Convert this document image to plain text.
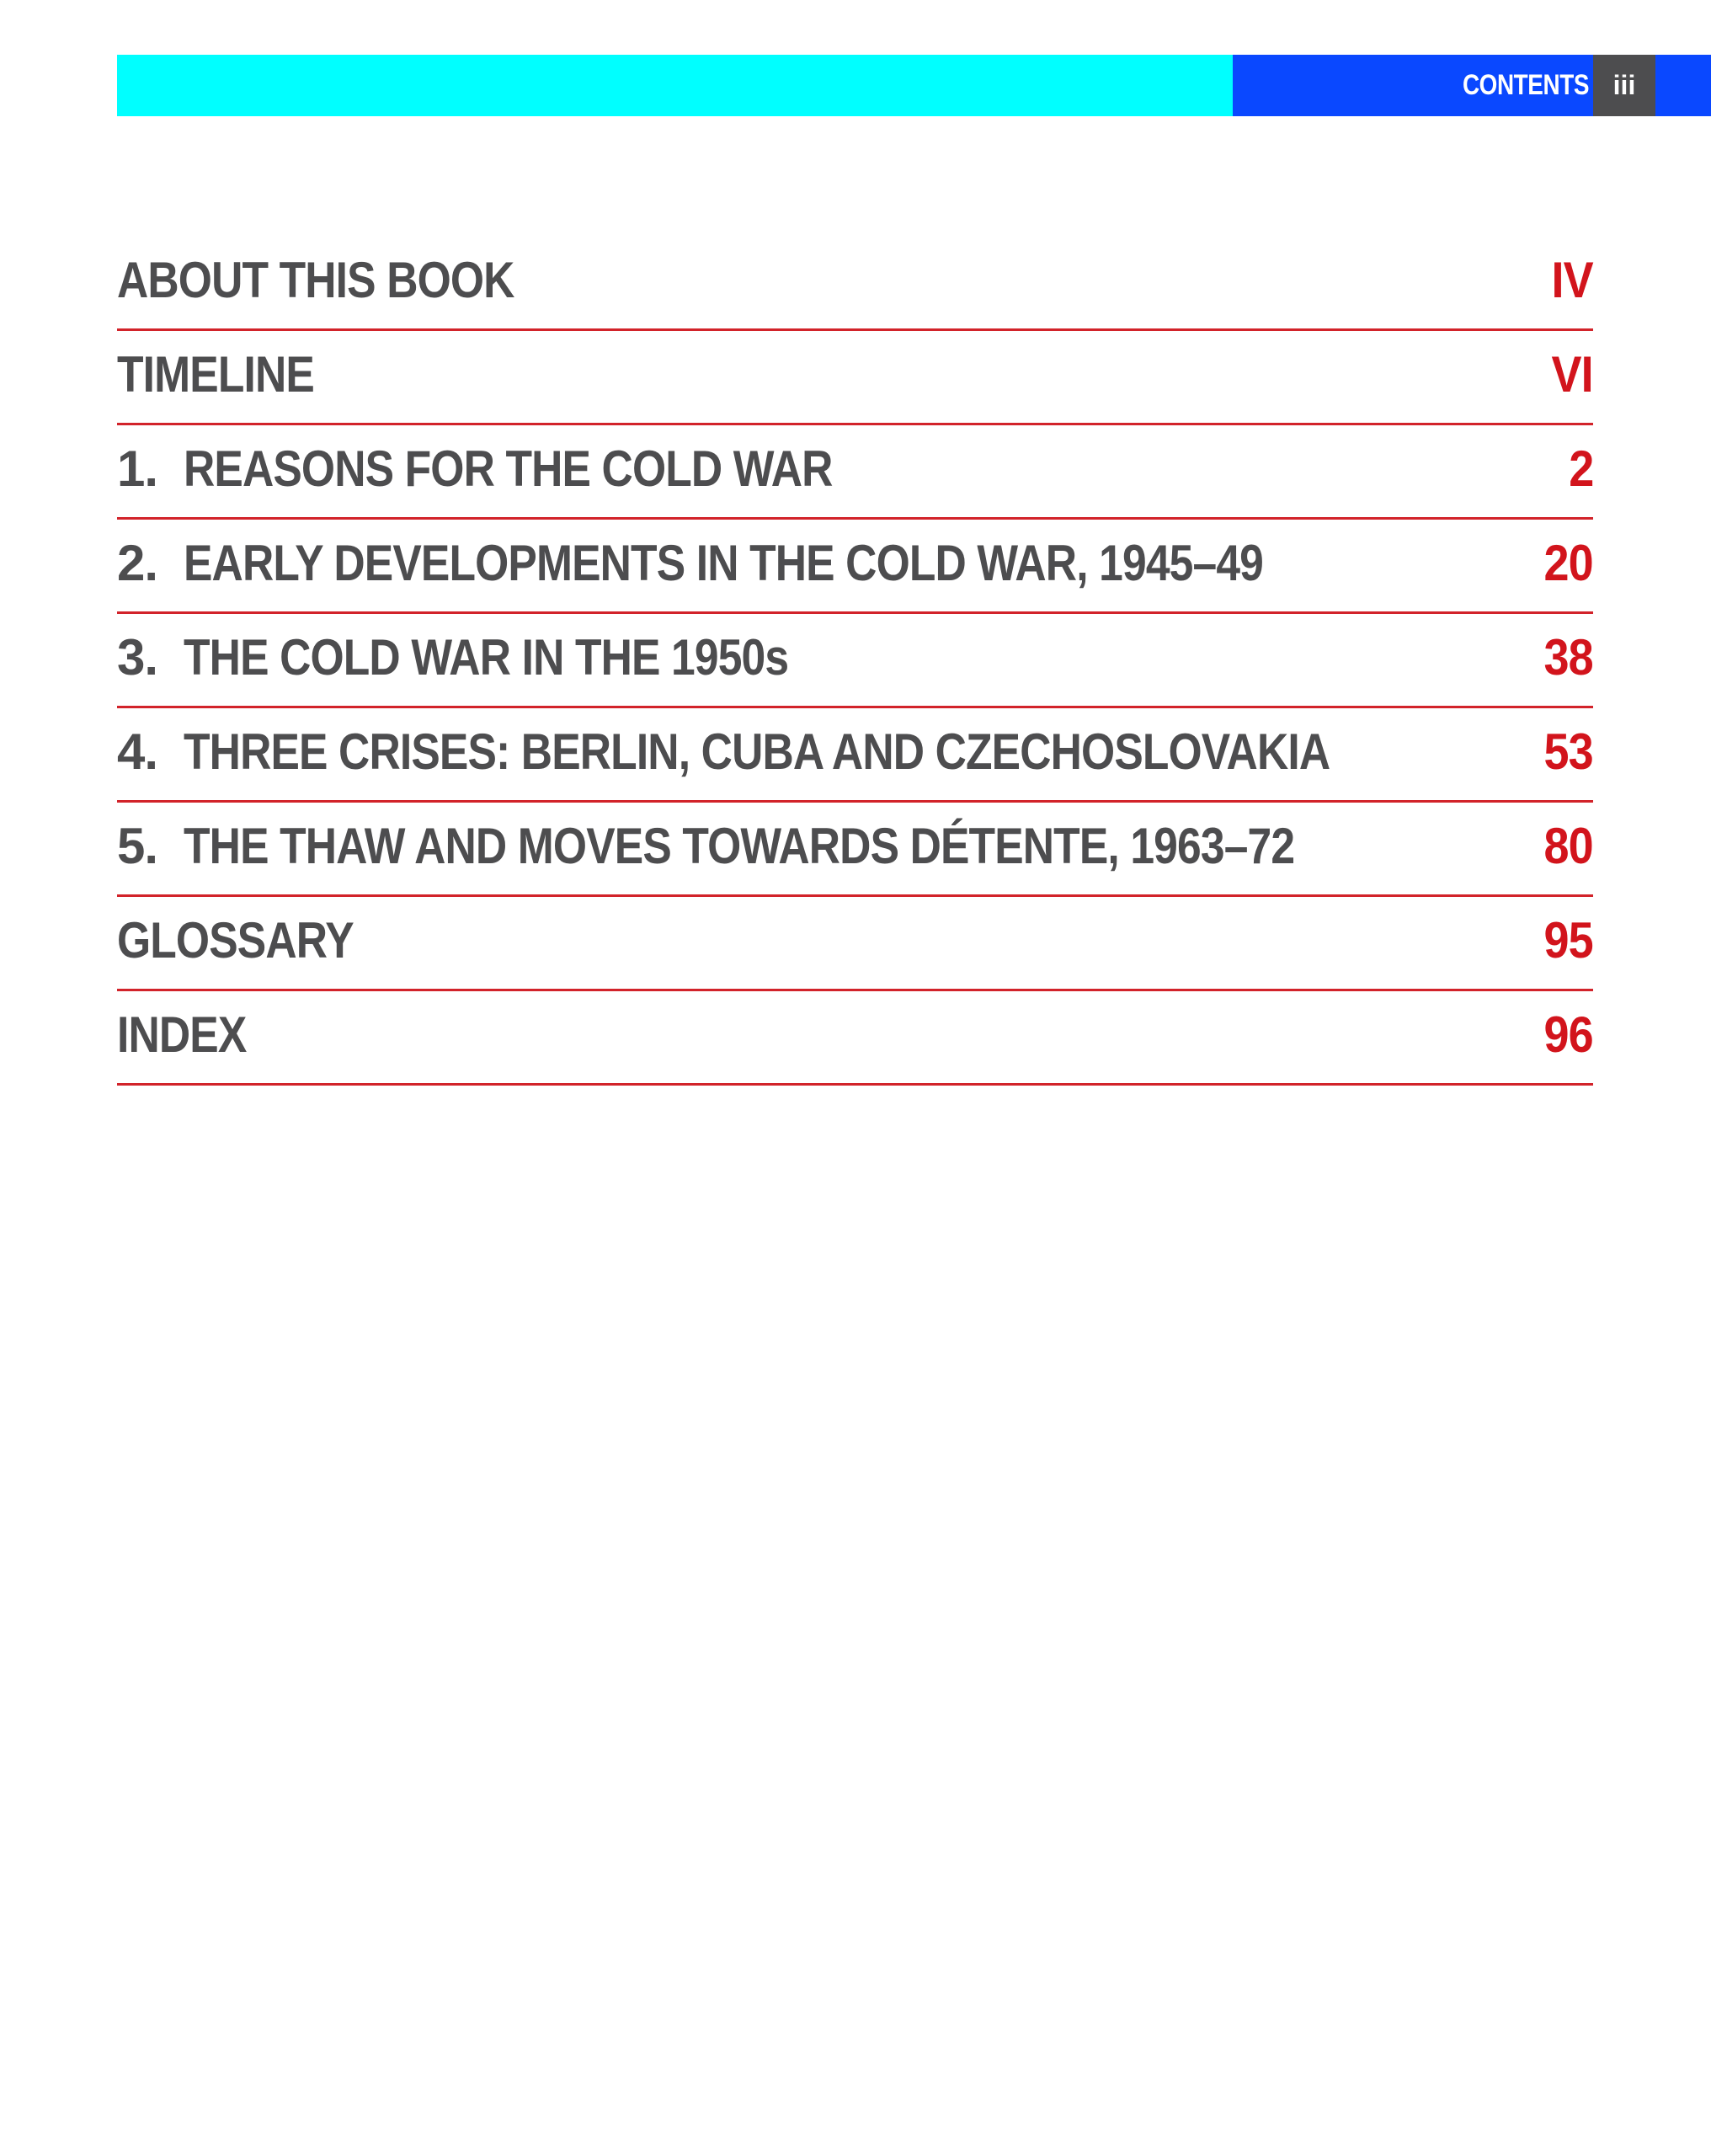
CONTENTS iii
ABOUT THIS BOOK	IV
TIMELINE	VI
1. REASONS FOR THE COLD WAR	2
2. EARLY DEVELOPMENTS IN THE COLD WAR, 1945–49	20
3. THE COLD WAR IN THE 1950s	38
4. THREE CRISES: BERLIN, CUBA AND CZECHOSLOVAKIA	53
5. THE THAW AND MOVES TOWARDS DÉTENTE, 1963–72	80
GLOSSARY	95
INDEX	96
